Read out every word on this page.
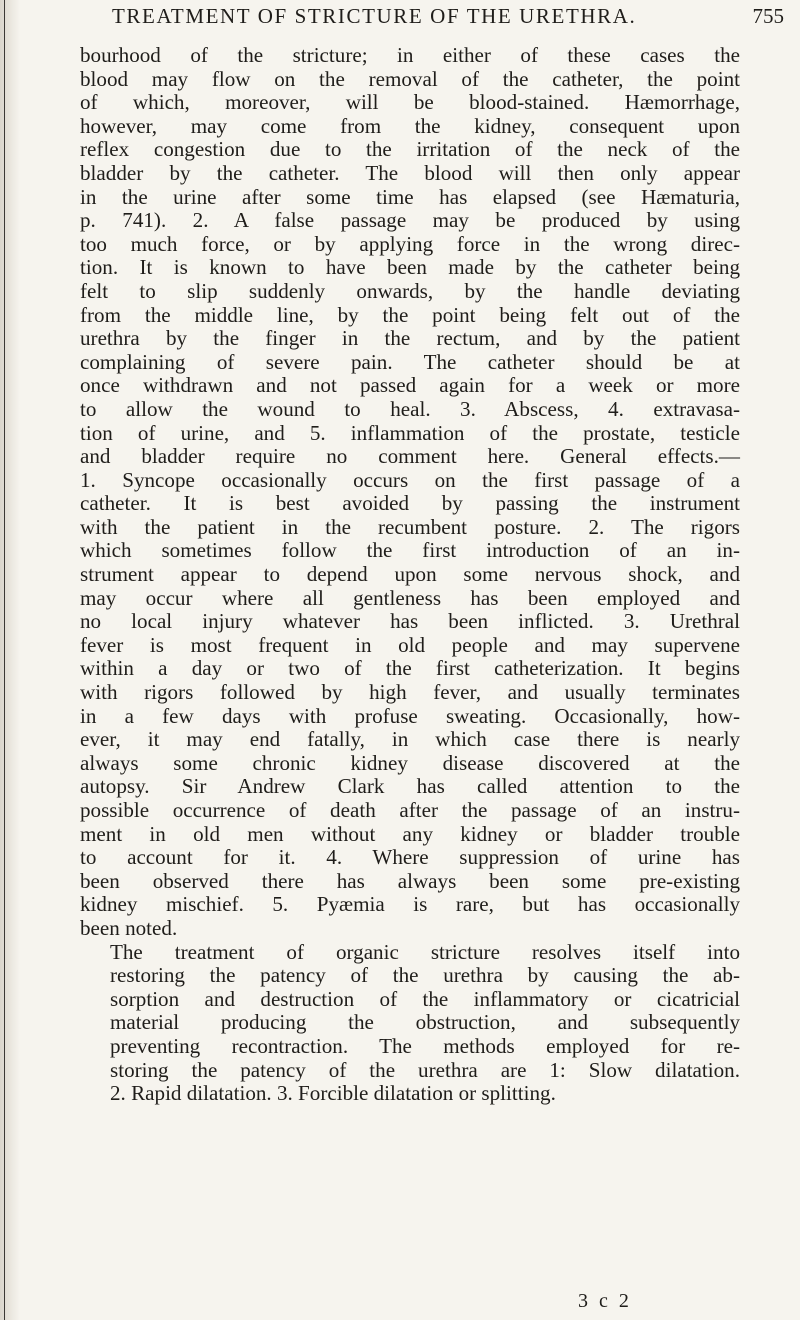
TREATMENT OF STRICTURE OF THE URETHRA.	755

bourhood of the stricture; in either of these cases the
blood may flow on the removal of the catheter, the point
of which, moreover, will be blood-stained. Hæmorrhage,
however, may come from the kidney, consequent upon
reflex congestion due to the irritation of the neck of the
bladder by the catheter. The blood will then only appear
in the urine after some time has elapsed (see Hæmaturia,
p. 741). 2. A false passage may be produced by using
too much force, or by applying force in the wrong direc-
tion. It is known to have been made by the catheter being
felt to slip suddenly onwards, by the handle deviating
from the middle line, by the point being felt out of the
urethra by the finger in the rectum, and by the patient
complaining of severe pain. The catheter should be at
once withdrawn and not passed again for a week or more
to allow the wound to heal. 3. Abscess, 4. extravasa-
tion of urine, and 5. inflammation of the prostate, testicle
and bladder require no comment here. General effects.—
1. Syncope occasionally occurs on the first passage of a
catheter. It is best avoided by passing the instrument
with the patient in the recumbent posture. 2. The rigors
which sometimes follow the first introduction of an in-
strument appear to depend upon some nervous shock, and
may occur where all gentleness has been employed and
no local injury whatever has been inflicted. 3. Urethral
fever is most frequent in old people and may supervene
within a day or two of the first catheterization. It begins
with rigors followed by high fever, and usually terminates
in a few days with profuse sweating. Occasionally, how-
ever, it may end fatally, in which case there is nearly
always some chronic kidney disease discovered at the
autopsy. Sir Andrew Clark has called attention to the
possible occurrence of death after the passage of an instru-
ment in old men without any kidney or bladder trouble
to account for it. 4. Where suppression of urine has
been observed there has always been some pre-existing
kidney mischief. 5. Pyæmia is rare, but has occasionally
been noted.

The treatment of organic stricture resolves itself into
restoring the patency of the urethra by causing the ab-
sorption and destruction of the inflammatory or cicatricial
material producing the obstruction, and subsequently
preventing recontraction. The methods employed for re-
storing the patency of the urethra are 1: Slow dilatation.
2. Rapid dilatation. 3. Forcible dilatation or splitting.

3 c 2
